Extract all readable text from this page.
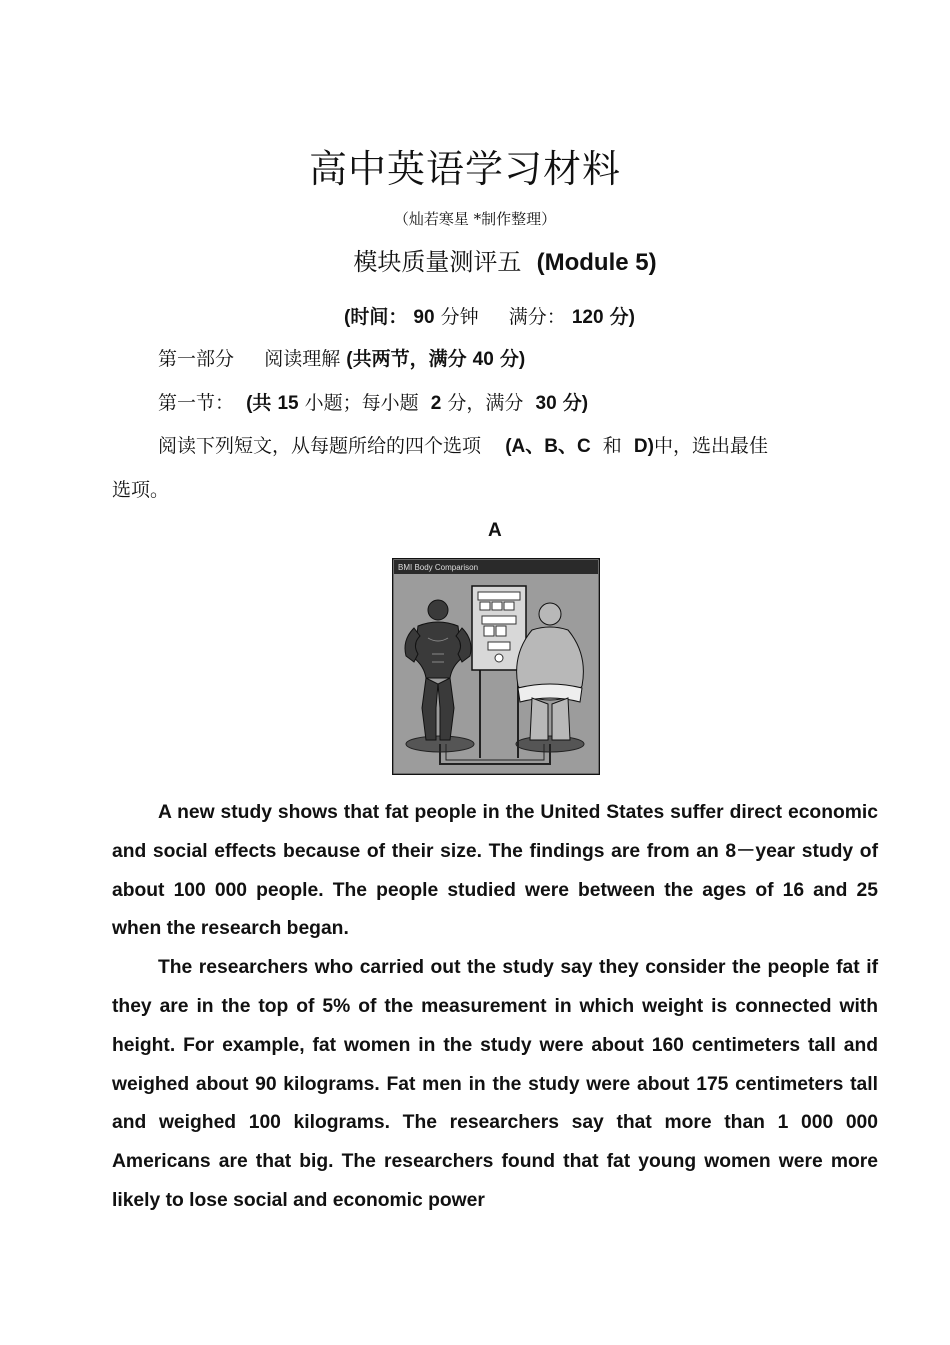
高中英语学习材料
（灿若寒星 *制作整理）
模块质量测评五 (Module 5)
(时间： 90 分钟 满分： 120 分)
第一部分 阅读理解 (共两节，满分 40 分)
第一节： (共 15 小题；每小题 2 分，满分 30 分)
阅读下列短文，从每题所给的四个选项 (A、B、C 和 D)中，选出最佳
选项。
A
BMI Body Comparison

A new study shows that fat people in the United States suffer direct economic and social effects because of their size. The findings are from an 8－year study of about 100 000 people. The people studied were between the ages of 16 and 25 when the research began.

The researchers who carried out the study say they consider the people fat if they are in the top of 5% of the measurement in which weight is connected with height. For example, fat women in the study were about 160 centimeters tall and weighed about 90 kilograms. Fat men in the study were about 175 centimeters tall and weighed 100 kilograms. The researchers say that more than 1 000 000 Americans are that big. The researchers found that fat young women were more likely to lose social and economic power
